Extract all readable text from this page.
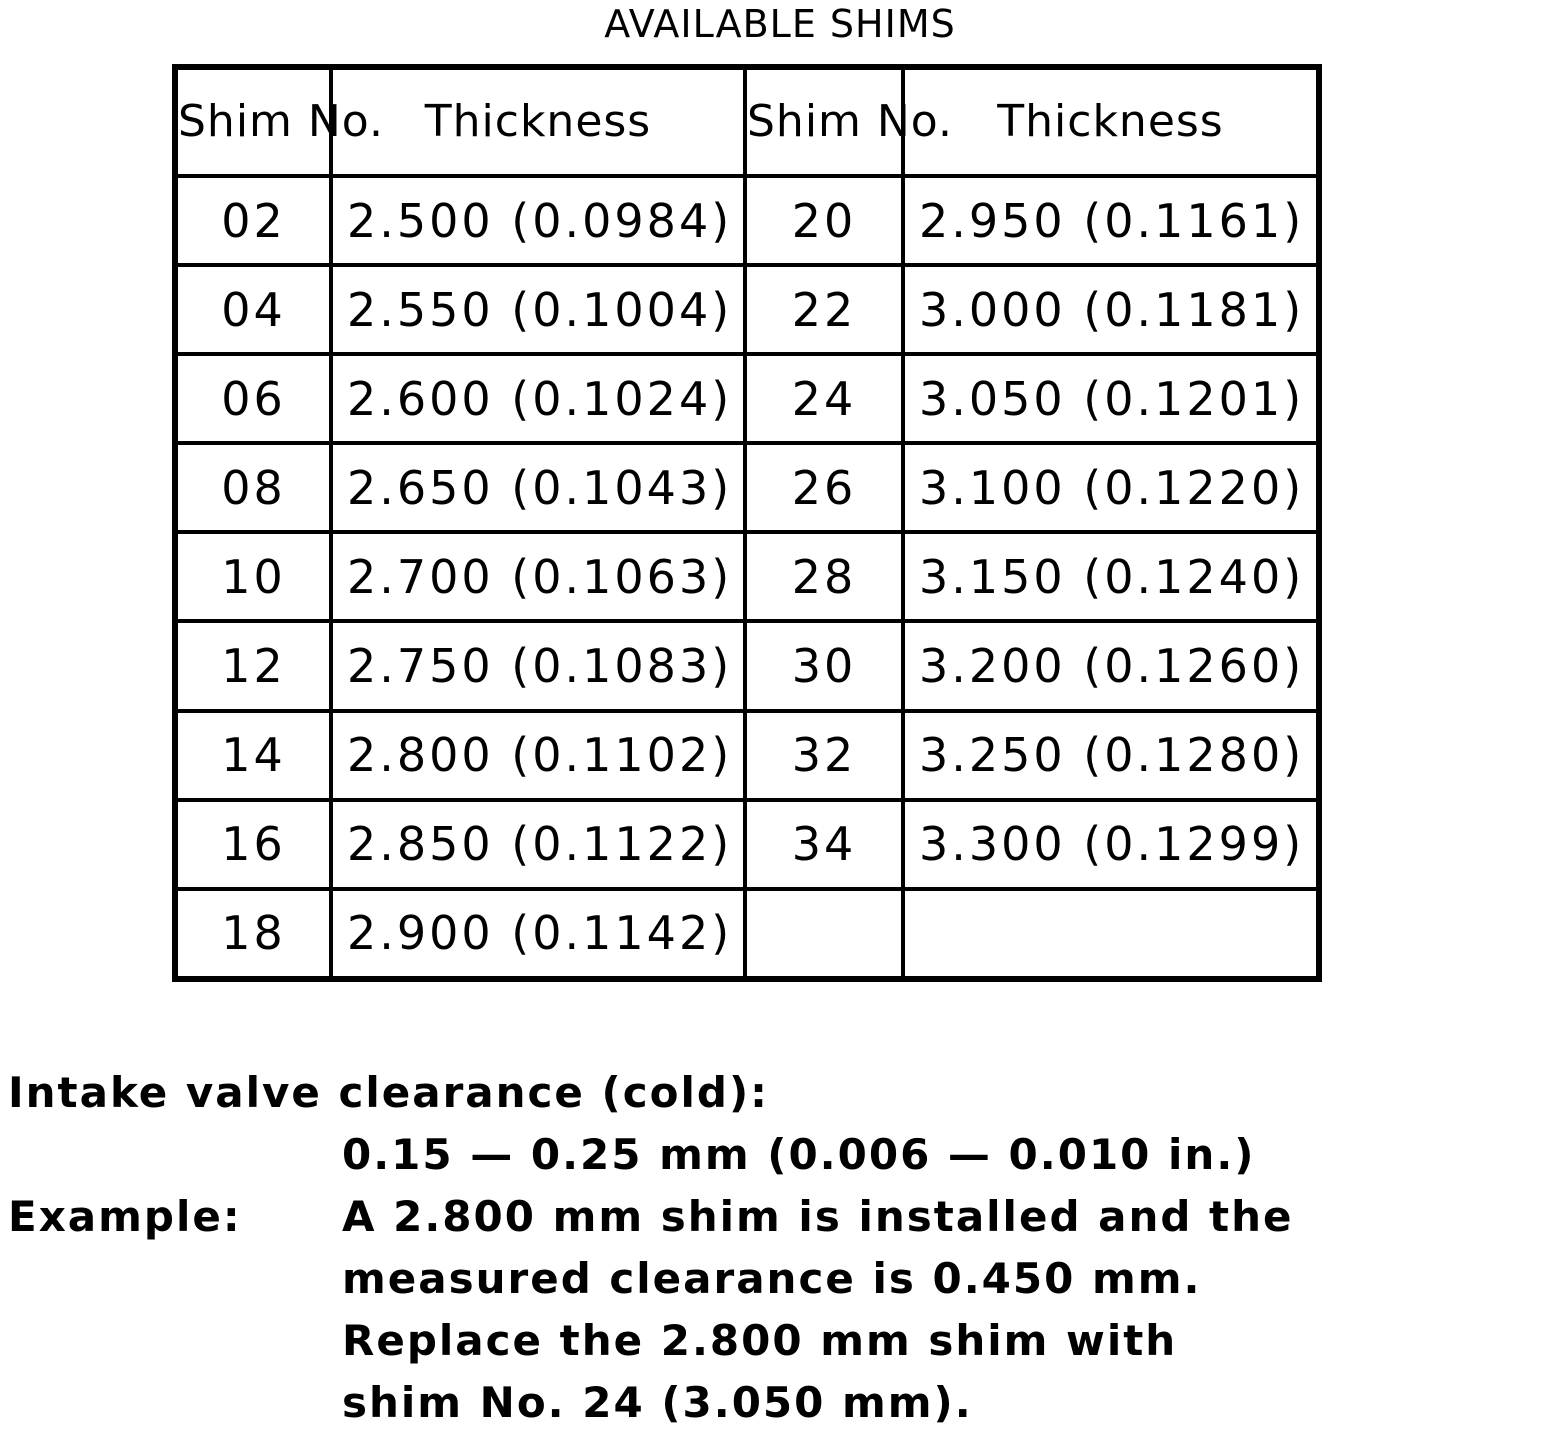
AVAILABLE SHIMS
Shim No.	Thickness	Shim No.	Thickness
02	2.500 (0.0984)	20	2.950 (0.1161)
04	2.550 (0.1004)	22	3.000 (0.1181)
06	2.600 (0.1024)	24	3.050 (0.1201)
08	2.650 (0.1043)	26	3.100 (0.1220)
10	2.700 (0.1063)	28	3.150 (0.1240)
12	2.750 (0.1083)	30	3.200 (0.1260)
14	2.800 (0.1102)	32	3.250 (0.1280)
16	2.850 (0.1122)	34	3.300 (0.1299)
18	2.900 (0.1142)		
Intake valve clearance (cold):
0.15 — 0.25 mm (0.006 — 0.010 in.)
Example: A 2.800 mm shim is installed and the
measured clearance is 0.450 mm.
Replace the 2.800 mm shim with
shim No. 24 (3.050 mm).
